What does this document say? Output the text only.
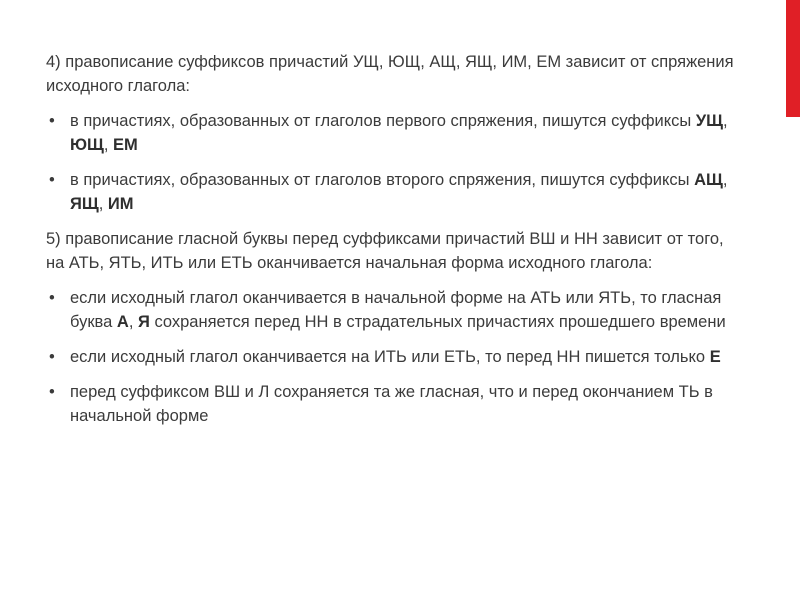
4) правописание суффиксов причастий УЩ, ЮЩ, АЩ, ЯЩ, ИМ, ЕМ зависит от спряжения исходного глагола:

• в причастиях, образованных от глаголов первого спряжения, пишутся суффиксы УЩ, ЮЩ, ЕМ
• в причастиях, образованных от глаголов второго спряжения, пишутся суффиксы АЩ, ЯЩ, ИМ

5) правописание гласной буквы перед суффиксами причастий ВШ и НН зависит от того, на АТЬ, ЯТЬ, ИТЬ или ЕТЬ оканчивается начальная форма исходного глагола:

• если исходный глагол оканчивается в начальной форме на АТЬ или ЯТЬ, то гласная буква А, Я сохраняется перед НН в страдательных причастиях прошедшего времени
• если исходный глагол оканчивается на ИТЬ или ЕТЬ, то перед НН пишется только Е
• перед суффиксом ВШ и Л сохраняется та же гласная, что и перед окончанием ТЬ в начальной форме
